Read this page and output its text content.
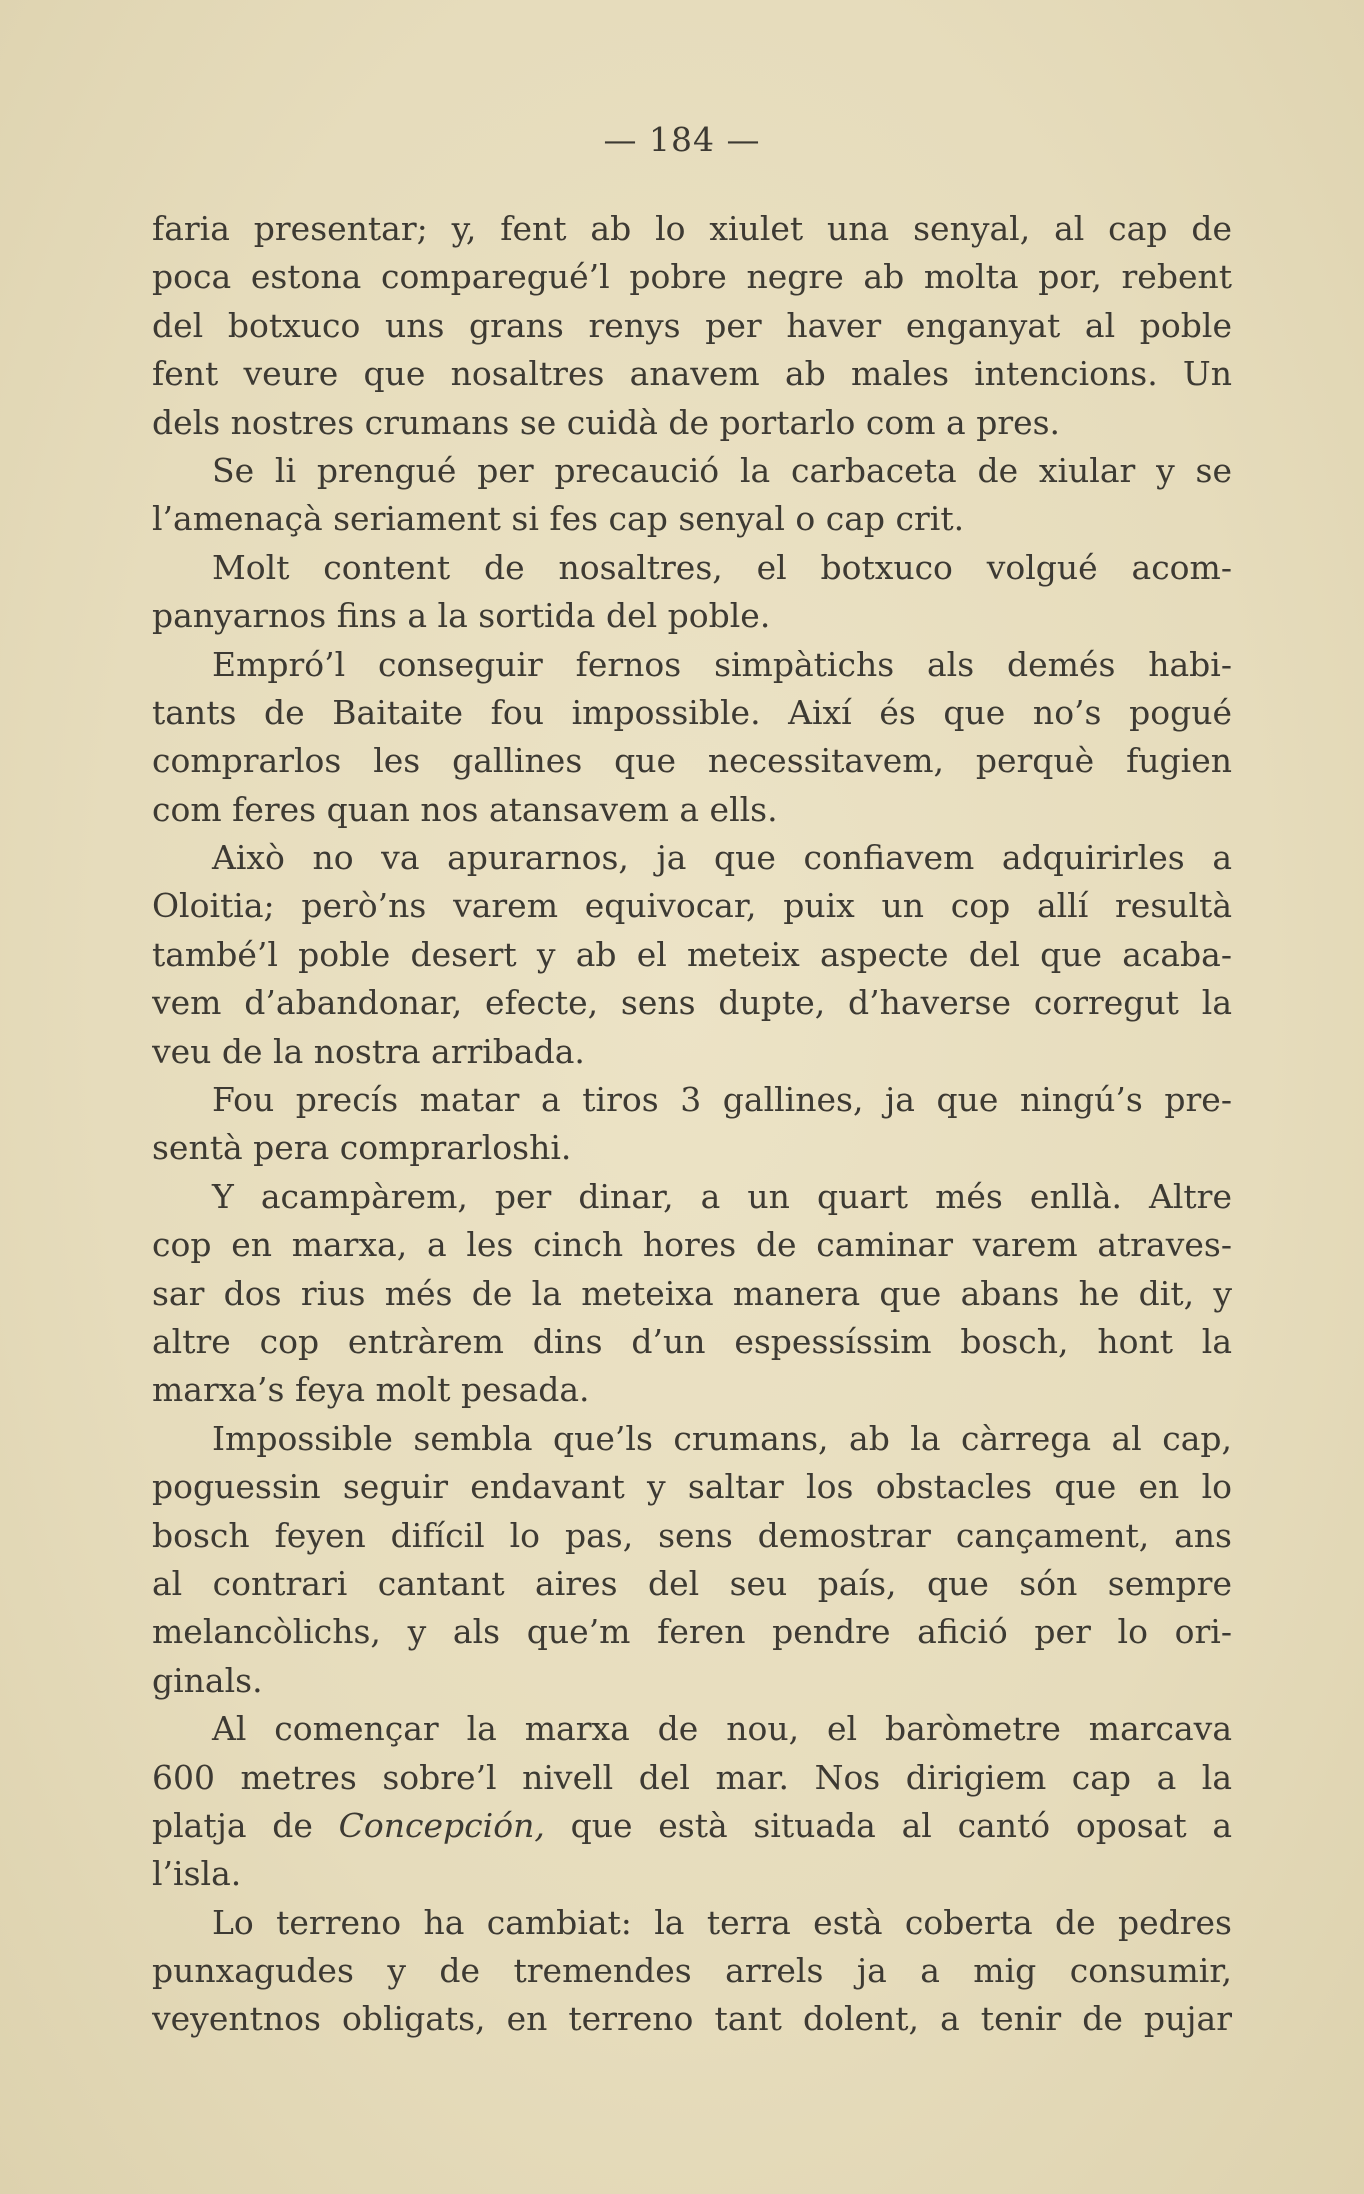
— 184 —
faria presentar; y, fent ab lo xiulet una senyal, al cap de
poca estona comparegué’l pobre negre ab molta por, rebent
del botxuco uns grans renys per haver enganyat al poble
fent veure que nosaltres anavem ab males intencions. Un
dels nostres crumans se cuidà de portarlo com a pres.
Se li prengué per precaució la carbaceta de xiular y se
l’amenaçà seriament si fes cap senyal o cap crit.
Molt content de nosaltres, el botxuco volgué acom-
panyarnos fins a la sortida del poble.
Empró’l conseguir fernos simpàtichs als demés habi-
tants de Baitaite fou impossible. Així és que no’s pogué
comprarlos les gallines que necessitavem, perquè fugien
com feres quan nos atansavem a ells.
Això no va apurarnos, ja que confiavem adquirirles a
Oloitia; però’ns varem equivocar, puix un cop allí resultà
també’l poble desert y ab el meteix aspecte del que acaba-
vem d’abandonar, efecte, sens dupte, d’haverse corregut la
veu de la nostra arribada.
Fou precís matar a tiros 3 gallines, ja que ningú’s pre-
sentà pera comprarloshi.
Y acampàrem, per dinar, a un quart més enllà. Altre
cop en marxa, a les cinch hores de caminar varem atraves-
sar dos rius més de la meteixa manera que abans he dit, y
altre cop entràrem dins d’un espessíssim bosch, hont la
marxa’s feya molt pesada.
Impossible sembla que’ls crumans, ab la càrrega al cap,
poguessin seguir endavant y saltar los obstacles que en lo
bosch feyen difícil lo pas, sens demostrar cançament, ans
al contrari cantant aires del seu país, que són sempre
melancòlichs, y als que’m feren pendre afició per lo ori-
ginals.
Al començar la marxa de nou, el baròmetre marcava
600 metres sobre’l nivell del mar. Nos dirigiem cap a la
platja de Concepción, que està situada al cantó oposat a
l’isla.
Lo terreno ha cambiat: la terra està coberta de pedres
punxagudes y de tremendes arrels ja a mig consumir,
veyentnos obligats, en terreno tant dolent, a tenir de pujar
